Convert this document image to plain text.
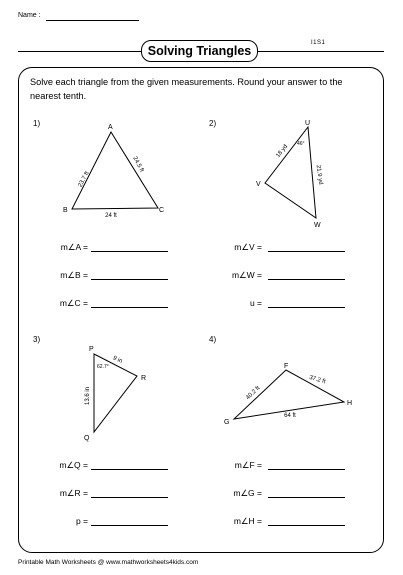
Name :
I1S1
Solving Triangles
Solve each triangle from the given measurements. Round your answer to the nearest tenth.
1)	A
B	C
23.7 ft
24.5 ft
24 ft
2)	U
V
W
18 yd
21.9 yd
46°
3)
P
Q
R
9 in
13.6 in
62.7°
4)
F
G
H
40.2 ft
37.2 ft
64 ft
m∠A =
m∠B =
m∠C =
m∠V =
m∠W =
u =
m∠Q =
m∠R =
p =
m∠F =
m∠G =
m∠H =
Printable Math Worksheets @ www.mathworksheets4kids.com
